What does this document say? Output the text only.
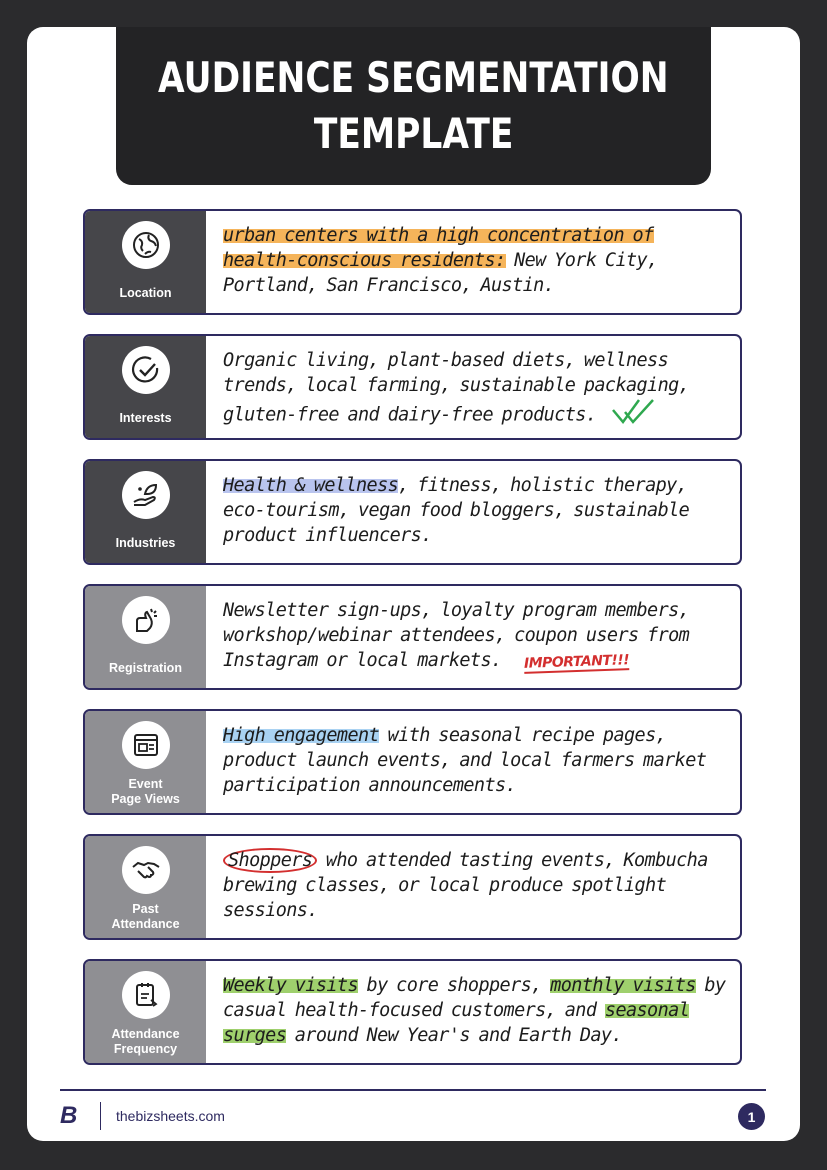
AUDIENCE SEGMENTATION
TEMPLATE
Location
urban centers with a high concentration of
health-conscious residents: New York City, Portland, San Francisco, Austin.
Interests
Organic living, plant-based diets, wellness trends, local farming, sustainable packaging, gluten-free and dairy-free products.
Industries
Health & wellness, fitness, holistic therapy, eco-tourism, vegan food bloggers, sustainable product influencers.
Registration
Newsletter sign-ups, loyalty program members, workshop/webinar attendees, coupon users from Instagram or local markets. IMPORTANT!!!
Event
Page Views
High engagement with seasonal recipe pages, product launch events, and local farmers market participation announcements.
Past
Attendance
Shoppers who attended tasting events, Kombucha brewing classes, or local produce spotlight sessions.
Attendance
Frequency
Weekly visits by core shoppers, monthly visits by casual health-focused customers, and seasonal surges around New Year's and Earth Day.
B	thebizsheets.com	1
